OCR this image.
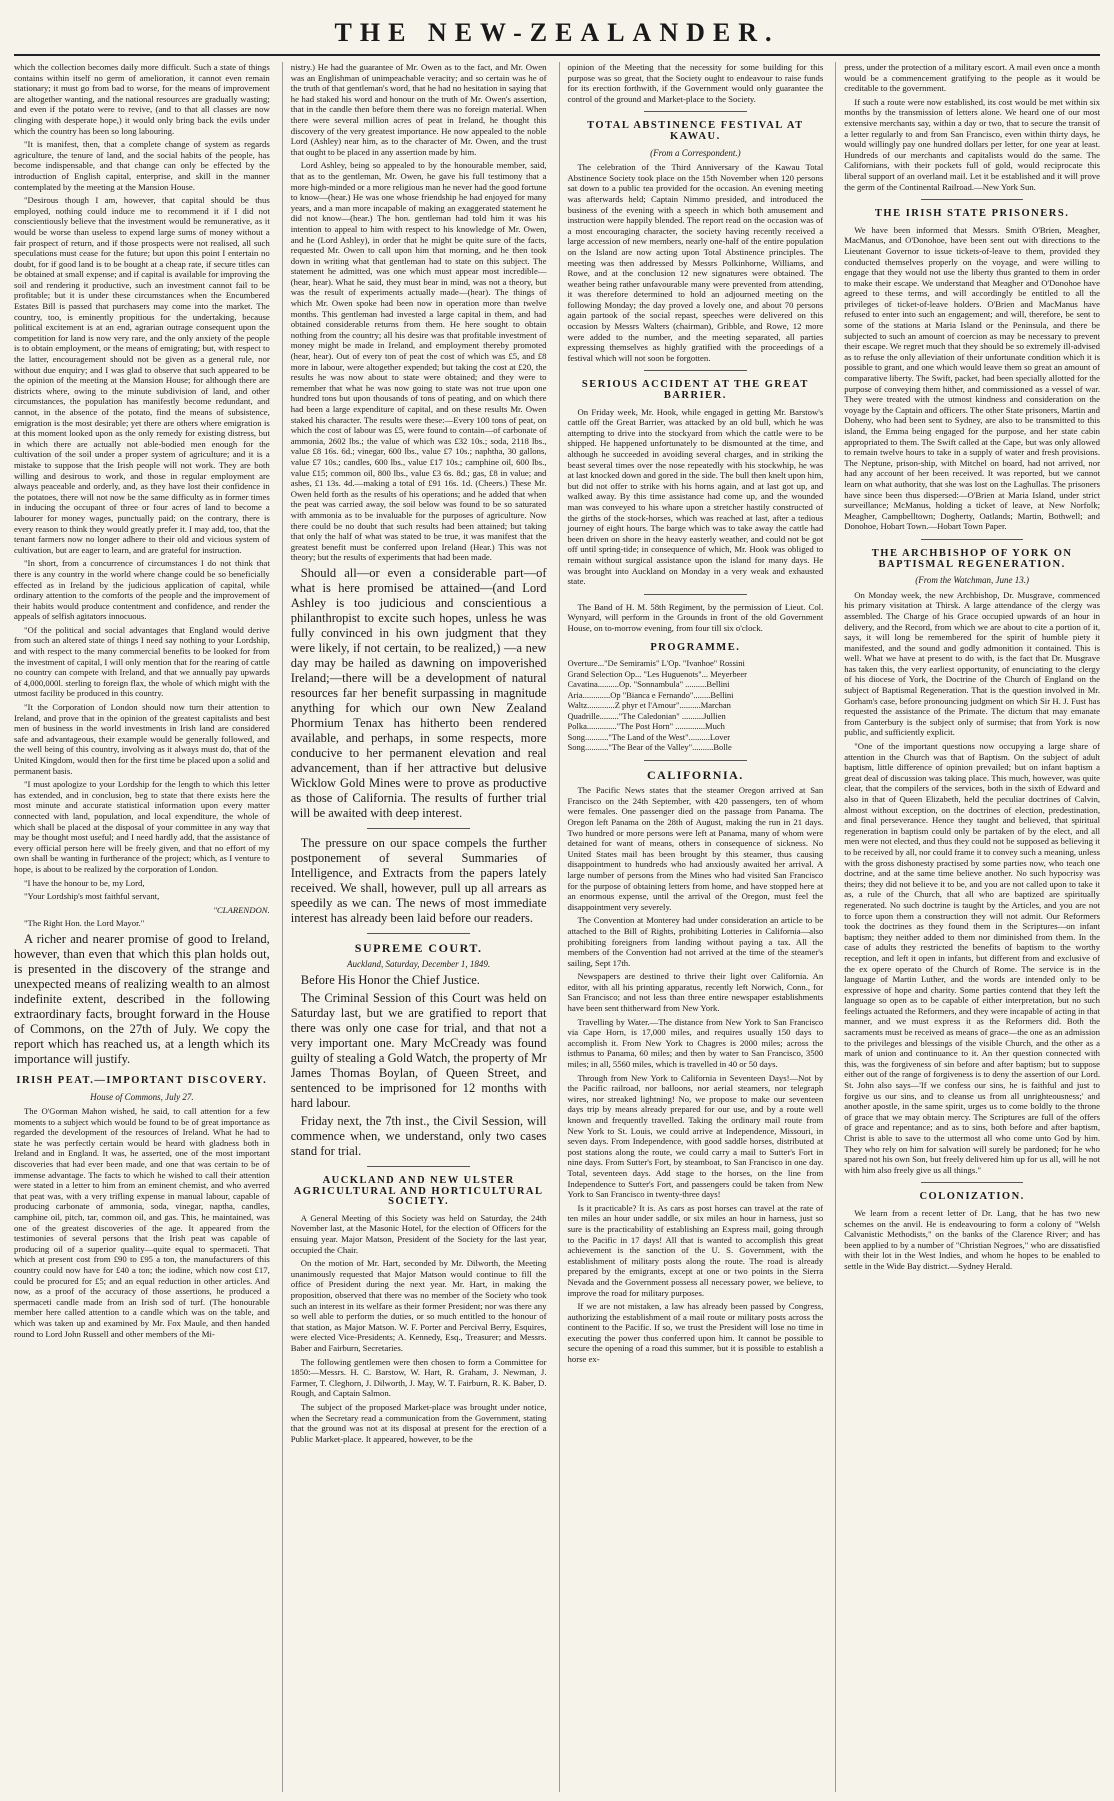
THE NEW-ZEALANDER.

which the collection becomes daily more difficult. Such a state of things contains within itself no germ of amelioration, it cannot even remain stationary; it must go from bad to worse, for the means of improvement are altogether wanting, and the national resources are gradually wasting; and even if the potato were to revive, (and to that all classes are now clinging with desperate hope,) it would only bring back the evils under which the country has been so long labouring.

"It is manifest, then, that a complete change of system as regards agriculture, the tenure of land, and the social habits of the people, has become indispensable, and that change can only be effected by the introduction of English capital, enterprise, and skill in the manner contemplated by the meeting at the Mansion House.

"Desirous though I am, however, that capital should be thus employed, nothing could induce me to recommend it if I did not conscientiously believe that the investment would be remunerative, as it would be worse than useless to expend large sums of money without a fair prospect of return, and if those prospects were not realised, all such speculations must cease for the future; but upon this point I entertain no doubt, for if good land is to be bought at a cheap rate, if secure titles can be obtained at small expense; and if capital is available for improving the soil and rendering it productive, such an investment cannot fail to be profitable; but it is under these circumstances when the Encumbered Estates Bill is passed that purchasers may come into the market. The country, too, is eminently propitious for the undertaking, because political excitement is at an end, agrarian outrage consequent upon the competition for land is now very rare, and the only anxiety of the people is to obtain employment, or the means of emigrating; but, with respect to the latter, encouragement should not be given as a general rule, nor without due enquiry; and I was glad to observe that such appeared to be the opinion of the meeting at the Mansion House; for although there are districts where, owing to the minute subdivision of land, and other circumstances, the population has manifestly become redundant, and cannot, in the absence of the potato, find the means of subsistence, emigration is the most desirable; yet there are others where emigration is at this moment looked upon as the only remedy for existing distress, but in which there are actually not able-bodied men enough for the cultivation of the soil under a proper system of agriculture; and it is a mistake to suppose that the Irish people will not work. They are both willing and desirous to work, and those in regular employment are always peaceable and orderly, and, as they have lost their confidence in the potatoes, there will not now be the same difficulty as in former times in inducing the occupant of three or four acres of land to become a labourer for money wages, punctually paid; on the contrary, there is every reason to think they would greatly prefer it. I may add, too, that the tenant farmers now no longer adhere to their old and vicious system of cultivation, but are eager to learn, and are grateful for instruction.

"In short, from a concurrence of circumstances I do not think that there is any country in the world where change could be so beneficially effected as in Ireland by the judicious application of capital, while ordinary attention to the comforts of the people and the improvement of their habits would produce contentment and confidence, and render the appeals of selfish agitators innocuous.

"Of the political and social advantages that England would derive from such an altered state of things I need say nothing to your Lordship, and with respect to the many commercial benefits to be looked for from the investment of capital, I will only mention that for the rearing of cattle no country can compete with Ireland, and that we annually pay upwards of 4,000,000l. sterling to foreign flax, the whole of which might with the utmost facility be produced in this country.

"It the Corporation of London should now turn their attention to Ireland, and prove that in the opinion of the greatest capitalists and best men of business in the world investments in Irish land are considered safe and advantageous, their example would be generally followed, and the well being of this country, involving as it always must do, that of the United Kingdom, would then for the first time be placed upon a solid and permanent basis.

"I must apologize to your Lordship for the length to which this letter has extended, and in conclusion, beg to state that there exists here the most minute and accurate statistical information upon every matter connected with land, population, and local expenditure, the whole of which shall be placed at the disposal of your committee in any way that may be thought most useful; and I need hardly add, that the assistance of every official person here will be freely given, and that no effort of my own shall be wanting in furtherance of the project; which, as I venture to hope, is about to be realized by the corporation of London.

"I have the honour to be, my Lord,

"Your Lordship's most faithful servant,

"CLARENDON.

"The Right Hon. the Lord Mayor."

A richer and nearer promise of good to Ireland, however, than even that which this plan holds out, is presented in the discovery of the strange and unexpected means of realizing wealth to an almost indefinite extent, described in the following extraordinary facts, brought forward in the House of Commons, on the 27th of July. We copy the report which has reached us, at a length which its importance will justify.

IRISH PEAT.—IMPORTANT DISCOVERY.
House of Commons, July 27.

The O'Gorman Mahon wished, he said, to call attention for a few moments to a subject which would be found to be of great importance as regarded the development of the resources of Ireland. What he had to state he was perfectly certain would be heard with gladness both in Ireland and in England. It was, he asserted, one of the most important discoveries that had ever been made, and one that was certain to be of immense advantage. The facts to which he wished to call their attention were stated in a letter to him from an eminent chemist, and who averred that peat was, with a very trifling expense in manual labour, capable of producing carbonate of ammonia, soda, vinegar, naptha, candles, camphine oil, pitch, tar, common oil, and gas. This, he maintained, was one of the greatest discoveries of the age. It appeared from the testimonies of several persons that the Irish peat was capable of producing oil of a superior quality—quite equal to spermaceti. That which at present cost from £90 to £95 a ton, the manufacturers of this country could now have for £40 a ton; the iodine, which now cost £17, could be procured for £5; and an equal reduction in other articles. And now, as a proof of the accuracy of those assertions, he produced a spermaceti candle made from an Irish sod of turf. (The honourable member here called attention to a candle which was on the table, and which was taken up and examined by Mr. Fox Maule, and then handed round to Lord John Russell and other members of the Mi-

nistry.) He had the guarantee of Mr. Owen as to the fact, and Mr. Owen was an Englishman of unimpeachable veracity; and so certain was he of the truth of that gentleman's word, that he had no hesitation in saying that he had staked his word and honour on the truth of Mr. Owen's assertion, that in the candle then before them there was no foreign material. When there were several million acres of peat in Ireland, he thought this discovery of the very greatest importance. He now appealed to the noble Lord (Ashley) near him, as to the character of Mr. Owen, and the trust that ought to be placed in any assertion made by him.

Lord Ashley, being so appealed to by the honourable member, said, that as to the gentleman, Mr. Owen, he gave his full testimony that a more high-minded or a more religious man he never had the good fortune to know—(hear.) He was one whose friendship he had enjoyed for many years, and a man more incapable of making an exaggerated statement he did not know—(hear.) The hon. gentleman had told him it was his intention to appeal to him with respect to his knowledge of Mr. Owen, and he (Lord Ashley), in order that he might be quite sure of the facts, requested Mr. Owen to call upon him that morning, and he then took down in writing what that gentleman had to state on this subject. The statement he admitted, was one which must appear most incredible—(hear, hear). What he said, they must bear in mind, was not a theory, but was the result of experiments actually made—(hear). The things of which Mr. Owen spoke had been now in operation more than twelve months. This gentleman had invested a large capital in them, and had obtained considerable returns from them. He here sought to obtain nothing from the country; all his desire was that profitable investment of money might be made in Ireland, and employment thereby promoted (hear, hear). Out of every ton of peat the cost of which was £5, and £8 more in labour, were altogether expended; but taking the cost at £20, the results he was now about to state were obtained; and they were to remember that what he was now going to state was not true upon one hundred tons but upon thousands of tons of peating, and on which there had been a large expenditure of capital, and on these results Mr. Owen staked his character. The results were these:—Every 100 tons of peat, on which the cost of labour was £5, were found to contain—of carbonate of ammonia, 2602 lbs.; the value of which was £32 10s.; soda, 2118 lbs., value £8 16s. 6d.; vinegar, 600 lbs., value £7 10s.; naphtha, 30 gallons, value £7 10s.; candles, 600 lbs., value £17 10s.; camphine oil, 600 lbs., value £15; common oil, 800 lbs., value £3 6s. 8d.; gas, £8 in value; and ashes, £1 13s. 4d.—making a total of £91 16s. 1d. (Cheers.) These Mr. Owen held forth as the results of his operations; and he added that when the peat was carried away, the soil below was found to be so saturated with ammonia as to be invaluable for the purposes of agriculture. Now there could be no doubt that such results had been attained; but taking that only the half of what was stated to be true, it was manifest that the greatest benefit must be conferred upon Ireland (Hear.) This was not theory; but the results of experiments that had been made.

Should all—or even a considerable part—of what is here promised be attained—(and Lord Ashley is too judicious and conscientious a philanthropist to excite such hopes, unless he was fully convinced in his own judgment that they were likely, if not certain, to be realized,) —a new day may be hailed as dawning on impoverished Ireland;—there will be a development of natural resources far her benefit surpassing in magnitude anything for which our own New Zealand Phormium Tenax has hitherto been rendered available, and perhaps, in some respects, more conducive to her permanent elevation and real advancement, than if her attractive but delusive Wicklow Gold Mines were to prove as productive as those of California. The results of further trial will be awaited with deep interest.

The pressure on our space compels the further postponement of several Summaries of Intelligence, and Extracts from the papers lately received. We shall, however, pull up all arrears as speedily as we can. The news of most immediate interest has already been laid before our readers.

SUPREME COURT.
Auckland, Saturday, December 1, 1849.

Before His Honor the Chief Justice.

The Criminal Session of this Court was held on Saturday last, but we are gratified to report that there was only one case for trial, and that not a very important one. Mary McCready was found guilty of stealing a Gold Watch, the property of Mr James Thomas Boylan, of Queen Street, and sentenced to be imprisoned for 12 months with hard labour.

Friday next, the 7th inst., the Civil Session, will commence when, we understand, only two cases stand for trial.

AUCKLAND AND NEW ULSTER AGRICULTURAL AND HORTICULTURAL SOCIETY.

A General Meeting of this Society was held on Saturday, the 24th November last, at the Masonic Hotel, for the election of Officers for the ensuing year. Major Matson, President of the Society for the last year, occupied the Chair.

On the motion of Mr. Hart, seconded by Mr. Dilworth, the Meeting unanimously requested that Major Matson would continue to fill the office of President during the next year. Mr. Hart, in making the proposition, observed that there was no member of the Society who took such an interest in its welfare as their former President; nor was there any so well able to perform the duties, or so much entitled to the honour of that station, as Major Matson. W. F. Porter and Percival Berry, Esquires, were elected Vice-Presidents; A. Kennedy, Esq., Treasurer; and Messrs. Baber and Fairburn, Secretaries.

The following gentlemen were then chosen to form a Committee for 1850:—Messrs. H. C. Barstow, W. Hart, R. Graham, J. Newman, J. Farmer, T. Cleghorn, J. Dilworth, J. May, W. T. Fairburn, R. K. Baber, D. Rough, and Captain Salmon.

The subject of the proposed Market-place was brought under notice, when the Secretary read a communication from the Government, stating that the ground was not at its disposal at present for the erection of a Public Market-place. It appeared, however, to be the

opinion of the Meeting that the necessity for some building for this purpose was so great, that the Society ought to endeavour to raise funds for its erection forthwith, if the Government would only guarantee the control of the ground and Market-place to the Society.

TOTAL ABSTINENCE FESTIVAL AT KAWAU.
(From a Correspondent.)

The celebration of the Third Anniversary of the Kawau Total Abstinence Society took place on the 15th November when 120 persons sat down to a public tea provided for the occasion. An evening meeting was afterwards held; Captain Nimmo presided, and introduced the business of the evening with a speech in which both amusement and instruction were happily blended. The report read on the occasion was of a most encouraging character, the society having recently received a large accession of new members, nearly one-half of the entire population on the Island are now acting upon Total Abstinence principles. The meeting was then addressed by Messrs Polkinhorne, Williams, and Rowe, and at the conclusion 12 new signatures were obtained. The weather being rather unfavourable many were prevented from attending, it was therefore determined to hold an adjourned meeting on the following Monday; the day proved a lovely one, and about 70 persons again partook of the social repast, speeches were delivered on this occasion by Messrs Walters (chairman), Gribble, and Rowe, 12 more were added to the number, and the meeting separated, all parties expressing themselves as highly gratified with the proceedings of a festival which will not soon be forgotten.

SERIOUS ACCIDENT AT THE GREAT BARRIER.

On Friday week, Mr. Hook, while engaged in getting Mr. Barstow's cattle off the Great Barrier, was attacked by an old bull, which he was attempting to drive into the stockyard from which the cattle were to be shipped. He happened unfortunately to be dismounted at the time, and although he succeeded in avoiding several charges, and in striking the beast several times over the nose repeatedly with his stockwhip, he was at last knocked down and gored in the side. The bull then knelt upon him, but did not offer to strike with his horns again, and at last got up, and walked away. By this time assistance had come up, and the wounded man was conveyed to his whare upon a stretcher hastily constructed of the girths of the stock-horses, which was reached at last, after a tedious journey of eight hours. The barge which was to take away the cattle had been driven on shore in the heavy easterly weather, and could not be got off until spring-tide; in consequence of which, Mr. Hook was obliged to remain without surgical assistance upon the island for many days. He was brought into Auckland on Monday in a very weak and exhausted state.

The Band of H. M. 58th Regiment, by the permission of Lieut. Col. Wynyard, will perform in the Grounds in front of the old Government House, on to-morrow evening, from four till six o'clock.

PROGRAMME.
Overture..."De Semiramis" L'Op. "Ivanhoe" Rossini
Grand Selection Op... "Les Huguenots"... Meyerbeer
Cavatina..........Op. "Sonnambula" ..........Bellini
Aria.............Op "Bianca e Fernando"........Bellini
Waltz.............Z phyr et l'Amour"..........Marchan
Quadrille........."The Caledonian" ..........Jullien
Polka.............."The Post Horn" ..............Much
Song..........."The Land of the West"..........Lover
Song..........."The Bear of the Valley"..........Bolle
CALIFORNIA.

The Pacific News states that the steamer Oregon arrived at San Francisco on the 24th September, with 420 passengers, ten of whom were females. One passenger died on the passage from Panama. The Oregon left Panama on the 28th of August, making the run in 21 days. Two hundred or more persons were left at Panama, many of whom were detained for want of means, others in consequence of sickness. No United States mail has been brought by this steamer, thus causing disappointment to hundreds who had anxiously awaited her arrival. A large number of persons from the Mines who had visited San Francisco for the purpose of obtaining letters from home, and have stopped here at an enormous expense, until the arrival of the Oregon, must feel the disappointment very severely.

The Convention at Monterey had under consideration an article to be attached to the Bill of Rights, prohibiting Lotteries in California—also prohibiting foreigners from landing without paying a tax. All the members of the Convention had not arrived at the time of the steamer's sailing, Sept 17th.

Newspapers are destined to thrive their light over California. An editor, with all his printing apparatus, recently left Norwich, Conn., for San Francisco; and not less than three entire newspaper establishments have been sent thitherward from New York.

Travelling by Water.—The distance from New York to San Francisco via Cape Horn, is 17,000 miles, and requires usually 150 days to accomplish it. From New York to Chagres is 2000 miles; across the isthmus to Panama, 60 miles; and then by water to San Francisco, 3500 miles; in all, 5560 miles, which is travelled in 40 or 50 days.

Through from New York to California in Seventeen Days!—Not by the Pacific railroad, nor balloons, nor aerial steamers, nor telegraph wires, nor streaked lightning! No, we propose to make our seventeen days trip by means already prepared for our use, and by a route well known and frequently travelled. Taking the ordinary mail route from New York to St. Louis, we could arrive at Independence, Missouri, in seven days. From Independence, with good saddle horses, distributed at post stations along the route, we could carry a mail to Sutter's Fort in nine days. From Sutter's Fort, by steamboat, to San Francisco in one day. Total, seventeen days. Add stage to the horses, on the line from Independence to Sutter's Fort, and passengers could be taken from New York to San Francisco in twenty-three days!

Is it practicable? It is. As cars as post horses can travel at the rate of ten miles an hour under saddle, or six miles an hour in harness, just so sure is the practicability of establishing an Express mail, going through to the Pacific in 17 days! All that is wanted to accomplish this great achievement is the sanction of the U. S. Government, with the establishment of military posts along the route. The road is already prepared by the emigrants, except at one or two points in the Sierra Nevada and the Government possess all necessary power, we believe, to improve the road for military purposes.

If we are not mistaken, a law has already been passed by Congress, authorizing the establishment of a mail route or military posts across the continent to the Pacific. If so, we trust the President will lose no time in executing the power thus conferred upon him. It cannot be possible to secure the opening of a road this summer, but it is possible to establish a horse ex-

press, under the protection of a military escort. A mail even once a month would be a commencement gratifying to the people as it would be creditable to the government.

If such a route were now established, its cost would be met within six months by the transmission of letters alone. We heard one of our most extensive merchants say, within a day or two, that to secure the transit of a letter regularly to and from San Francisco, even within thirty days, he would willingly pay one hundred dollars per letter, for one year at least. Hundreds of our merchants and capitalists would do the same. The Californians, with their pockets full of gold, would reciprocate this liberal support of an overland mail. Let it be established and it will prove the germ of the Continental Railroad.—New York Sun.

THE IRISH STATE PRISONERS.

We have been informed that Messrs. Smith O'Brien, Meagher, MacManus, and O'Donohoe, have been sent out with directions to the Lieutenant Governor to issue tickets-of-leave to them, provided they conducted themselves properly on the voyage, and were willing to engage that they would not use the liberty thus granted to them in order to make their escape. We understand that Meagher and O'Donohoe have agreed to these terms, and will accordingly be entitled to all the privileges of ticket-of-leave holders. O'Brien and MacManus have refused to enter into such an engagement; and will, therefore, be sent to some of the stations at Maria Island or the Peninsula, and there be subjected to such an amount of coercion as may be necessary to prevent their escape. We regret much that they should be so extremely ill-advised as to refuse the only alleviation of their unfortunate condition which it is possible to grant, and one which would leave them so great an amount of comparative liberty. The Swift, packet, had been specially allotted for the purpose of conveying them hither, and commissioned as a vessel of war. They were treated with the utmost kindness and consideration on the voyage by the Captain and officers. The other State prisoners, Martin and Doheny, who had been sent to Sydney, are also to be transmitted to this island, the Emma being engaged for the purpose, and her state cabin appropriated to them. The Swift called at the Cape, but was only allowed to remain twelve hours to take in a supply of water and fresh provisions. The Neptune, prison-ship, with Mitchel on board, had not arrived, nor had any account of her been received. It was reported, but we cannot learn on what authority, that she was lost on the Laghullas. The prisoners have since been thus dispersed:—O'Brien at Maria Island, under strict surveillance; McManus, holding a ticket of leave, at New Norfolk; Meagher, Campbelltown; Dogherty, Oatlands; Martin, Bothwell; and Donohoe, Hobart Town.—Hobart Town Paper.

THE ARCHBISHOP OF YORK ON BAPTISMAL REGENERATION.
(From the Watchman, June 13.)

On Monday week, the new Archbishop, Dr. Musgrave, commenced his primary visitation at Thirsk. A large attendance of the clergy was assembled. The Charge of his Grace occupied upwards of an hour in delivery, and the Record, from which we are about to cite a portion of it, says, it will long be remembered for the spirit of humble piety it manifested, and the sound and godly admonition it contained. This is well. What we have at present to do with, is the fact that Dr. Musgrave has taken this, the very earliest opportunity, of enunciating to the clergy of his diocese of York, the Doctrine of the Church of England on the subject of Baptismal Regeneration. That is the question involved in Mr. Gorham's case, before pronouncing judgment on which Sir H. J. Fust has requested the assistance of the Primate. The dictum that may emanate from Canterbury is the subject only of surmise; that from York is now public, and sufficiently explicit.

"One of the important questions now occupying a large share of attention in the Church was that of Baptism. On the subject of adult baptism, little difference of opinion prevailed; but on infant baptism a great deal of discussion was taking place. This much, however, was quite clear, that the compilers of the services, both in the sixth of Edward and also in that of Queen Elizabeth, held the peculiar doctrines of Calvin, almost without exception, on the doctrines of election, predestination, and final perseverance. Hence they taught and believed, that spiritual regeneration in baptism could only be partaken of by the elect, and all men were not elected, and thus they could not be supposed as believing it to be received by all, nor could frame it to convey such a meaning, unless with the gross dishonesty practised by some parties now, who teach one doctrine, and at the same time believe another. No such hypocrisy was theirs; they did not believe it to be, and you are not called upon to take it as, a rule of the Church, that all who are baptized are spiritually regenerated. No such doctrine is taught by the Articles, and you are not to force upon them a construction they will not admit. Our Reformers took the doctrines as they found them in the Scriptures—on infant baptism; they neither added to them nor diminished from them. In the case of adults they restricted the benefits of baptism to the worthy reception, and left it open in infants, but different from and exclusive of the ex opere operato of the Church of Rome. The service is in the language of Martin Luther, and the words are intended only to be expressive of hope and charity. Some parties contend that they left the language so open as to be capable of either interpretation, but no such feelings actuated the Reformers, and they were incapable of acting in that manner, and we must express it as the Reformers did. Both the sacraments must be received as means of grace—the one as an admission to the privileges and blessings of the visible Church, and the other as a mark of union and continuance to it. An ther question connected with this, was the forgiveness of sin before and after baptism; but to suppose either out of the range of forgiveness is to deny the assertion of our Lord. St. John also says—'If we confess our sins, he is faithful and just to forgive us our sins, and to cleanse us from all unrighteousness;' and another apostle, in the same spirit, urges us to come boldly to the throne of grace that we may obtain mercy. The Scriptures are full of the offers of grace and repentance; and as to sins, both before and after baptism, Christ is able to save to the uttermost all who come unto God by him. They who rely on him for salvation will surely be pardoned; for he who spared not his own Son, but freely delivered him up for us all, will he not with him also freely give us all things."

COLONIZATION.

We learn from a recent letter of Dr. Lang, that he has two new schemes on the anvil. He is endeavouring to form a colony of "Welsh Calvanistic Methodists," on the banks of the Clarence River; and has been applied to by a number of "Christian Negroes," who are dissatisfied with their lot in the West Indies, and whom he hopes to be enabled to settle in the Wide Bay district.—Sydney Herald.
